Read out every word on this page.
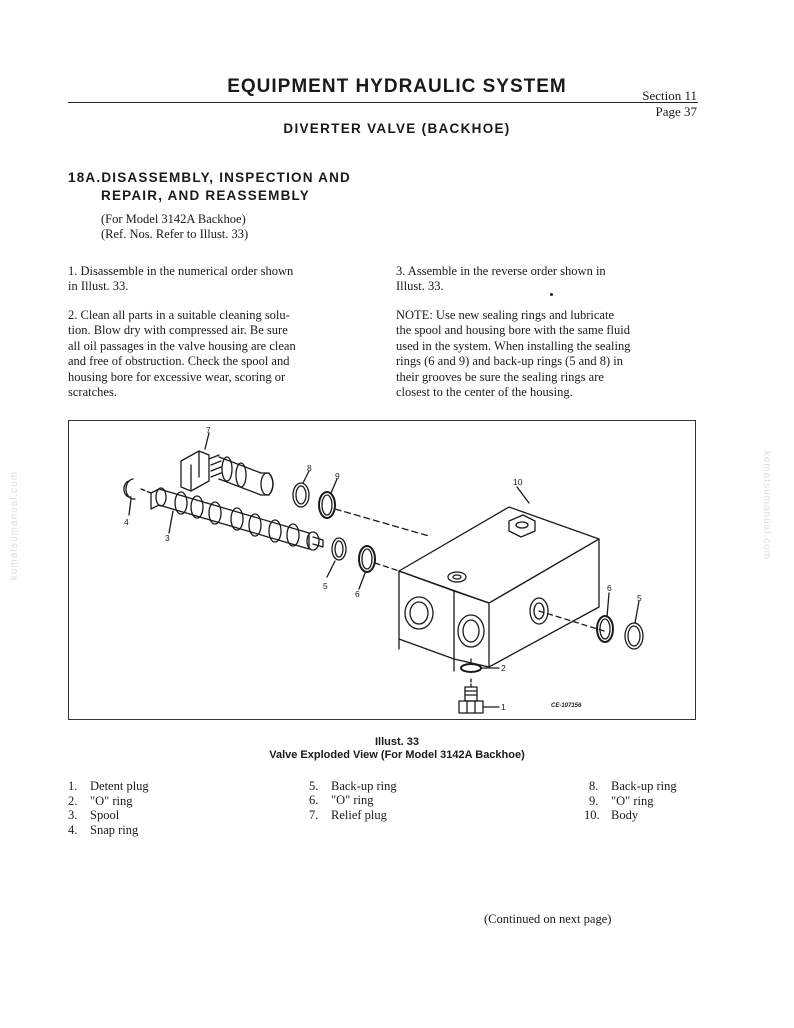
EQUIPMENT HYDRAULIC SYSTEM	Section 11
Page 37
DIVERTER VALVE (BACKHOE)
18A.DISASSEMBLY, INSPECTION AND
REPAIR, AND REASSEMBLY
(For Model 3142A Backhoe)
(Ref. Nos. Refer to Illust. 33)
1. Disassemble in the numerical order shown
in Illust. 33.
2. Clean all parts in a suitable cleaning solu-
tion. Blow dry with compressed air. Be sure
all oil passages in the valve housing are clean
and free of obstruction. Check the spool and
housing bore for excessive wear, scoring or
scratches.
3. Assemble in the reverse order shown in
Illust. 33.
NOTE: Use new sealing rings and lubricate
the spool and housing bore with the same fluid
used in the system. When installing the sealing
rings (6 and 9) and back-up rings (5 and 8) in
their grooves be sure the sealing rings are
closest to the center of the housing.
7
8
9
10
4
3
5
6
6
5
2
1	CE-107156
Illust. 33
Valve Exploded View (For Model 3142A Backhoe)
1. Detent plug
2. "O" ring
3. Spool
4. Snap ring
5. Back-up ring
6. "O" ring
7. Relief plug
8. Back-up ring
9. "O" ring
10. Body
(Continued on next page)
komatsumanual.com	komatsumanual.com
